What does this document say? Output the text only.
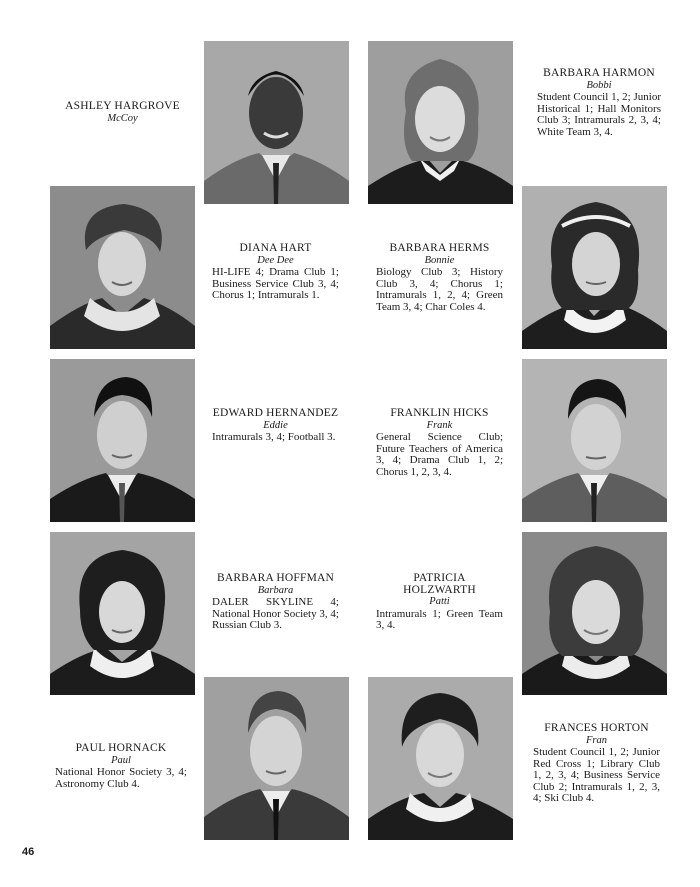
ASHLEY HARGROVE
McCoy
BARBARA HARMON
Bobbi
Student Council 1, 2; Junior Historical 1; Hall Monitors Club 3; Intramurals 2, 3, 4; White Team 3, 4.
DIANA HART
Dee Dee
HI-LIFE 4; Drama Club 1; Business Service Club 3, 4; Chorus 1; Intramurals 1.
BARBARA HERMS
Bonnie
Biology Club 3; History Club 3, 4; Chorus 1; Intramurals 1, 2, 4; Green Team 3, 4; Char Coles 4.
EDWARD HERNANDEZ
Eddie
Intramurals 3, 4; Football 3.
FRANKLIN HICKS
Frank
General Science Club; Future Teachers of America 3, 4; Drama Club 1, 2; Chorus 1, 2, 3, 4.
BARBARA HOFFMAN
Barbara
DALER SKYLINE 4; National Honor Society 3, 4; Russian Club 3.
PATRICIA HOLZWARTH
Patti
Intramurals 1; Green Team 3, 4.
PAUL HORNACK
Paul
National Honor Society 3, 4; Astronomy Club 4.
FRANCES HORTON
Fran
Student Council 1, 2; Junior Red Cross 1; Library Club 1, 2, 3, 4; Business Service Club 2; Intramurals 1, 2, 3, 4; Ski Club 4.
46
